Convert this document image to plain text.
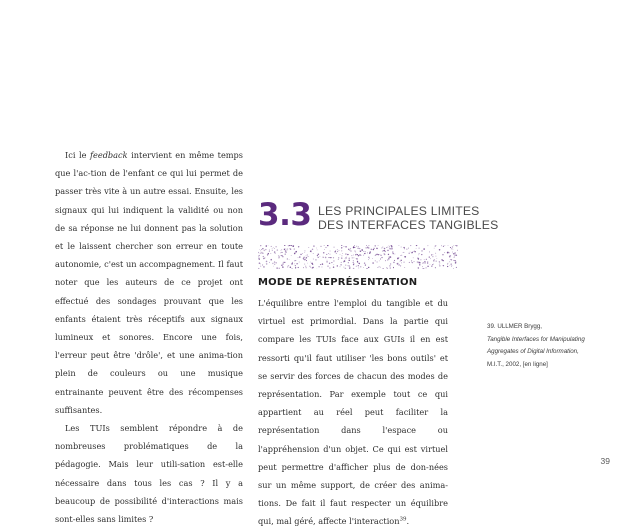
Ici le feedback intervient en même temps que l'ac-tion de l'enfant ce qui lui permet de passer très vite à un autre essai. Ensuite, les signaux qui lui indiquent la validité ou non de sa réponse ne lui donnent pas la solution et le laissent chercher son erreur en toute autonomie, c'est un accompagnement. Il faut noter que les auteurs de ce projet ont effectué des sondages prouvant que les enfants étaient très réceptifs aux signaux lumineux et sonores. Encore une fois, l'erreur peut être 'drôle', et une anima-tion plein de couleurs ou une musique entrainante peuvent être des récompenses suffisantes.

Les TUIs semblent répondre à de nombreuses problématiques de la pédagogie. Mais leur utili-sation est-elle nécessaire dans tous les cas ? Il y a beaucoup de possibilité d'interactions mais sont-elles sans limites ?

3.3 LES PRINCIPALES LIMITES
DES INTERFACES TANGIBLES
MODE DE REPRÉSENTATION

L'équilibre entre l'emploi du tangible et du virtuel est primordial. Dans la partie qui compare les TUIs face aux GUIs il en est ressorti qu'il faut utiliser 'les bons outils' et se servir des forces de chacun des modes de représentation. Par exemple tout ce qui appartient au réel peut faciliter la représentation dans l'espace ou l'appréhension d'un objet. Ce qui est virtuel peut permettre d'afficher plus de don-nées sur un même support, de créer des anima-tions. De fait il faut respecter un équilibre qui, mal géré, affecte l'interaction$^{39}$.

39. ULLMER Brygg,
Tangible Interfaces for Manipulating Aggregates of Digital Information,
M.I.T., 2002, [en ligne]
39
